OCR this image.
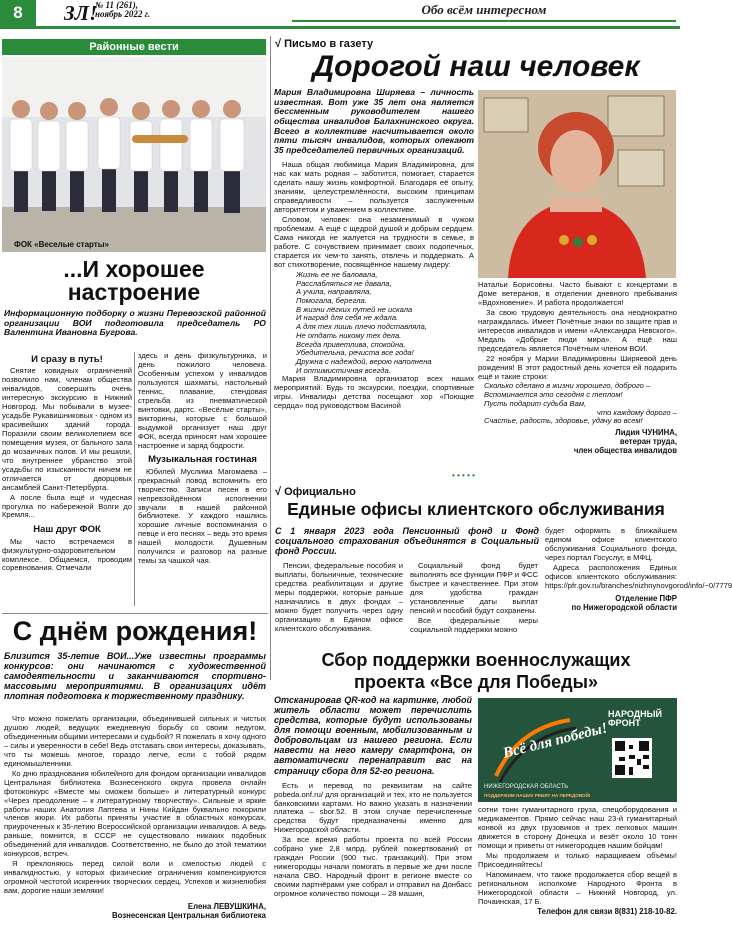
8	ЗЛ!
№ 11 (261),
ноябрь 2022 г.	Обо всём интересном
Районные вести
ФОК «Веселые старты»
...И хорошее
настроение
Информационную подборку о жизни Перевозской районной организации ВОИ подготовила председатель РО Валентина Ивановна Бугрова.
И сразу в путь!
Снятие ковидных ограничений позволило нам, членам общества инвалидов, совершить очень интересную экскурсию в Нижний Новгород. Мы побывали в музее-усадьбе Рукавишниковых - одном из красивейших зданий города. Поразили своим великолепием все помещения музея, от бального зала до мозаичных полов. И мы решили, что внутреннее убранство этой усадьбы по изысканности ничем не отличается от дворцовых ансамблей Санкт-Петербурга.
А после была ещё и чудесная прогулка по набережной Волги до Кремля...
Наш друг ФОК
Мы часто встречаемся в физкультурно-оздоровительном комплексе. Общаемся, проводим соревнования. Отмечали
здесь и день физкультурника, и день пожилого человека. Особенным успехом у инвалидов пользуются шахматы, настольный теннис, плавание, стендовая стрельба из пневматической винтовки, дартс. «Весёлые старты», викторины, которые с большой выдумкой организует наш друг ФОК, всегда приносят нам хорошее настроение и заряд бодрости.
Музыкальная гостиная
Юбилей Муслима Магомаева – прекрасный повод вспомнить его творчество. Записи песен в его непревзойдённом исполнении звучали в нашей районной библиотеке. У каждого нашлись хорошие личные воспоминания о певце и его песнях – ведь это время нашей молодости. Душевным получился и разговор на разные темы за чашкой чая.
С днём рождения!
Близится 35-летие ВОИ...Уже известны программы конкурсов: они начинаются с художественной самодеятельности и заканчиваются спортивно-массовыми мероприятиями. В организациях идёт плотная подготовка к торжественному празднику.
Что можно пожелать организации, объединившей сильных и чистых душою людей, ведущих ежедневную борьбу со своим недугом, объединенным общими интересами и судьбой? Я пожелать я хочу одного – силы и уверенности в себе! Ведь отставать свои интересы, доказывать, что ты можешь многое, гораздо легче, если с тобой рядом единомышленники.
Ко дню празднования юбилейного для фондом организации инвалидов Центральная библиотека Вознесенского округа провела онлайн фотоконкурс «Вместе мы сможем больше» и литературный конкурс «Через преодоление – к литературному творчеству». Сильные и яркие работы наших Анатолия Лаптева и Нины Кийдан буквально покорили членов жюри. Их работы приняты участие в областных конкурсах, приуроченных к 35-летию Всероссийской организации инвалидов. А ведь раньше, помнится, в СССР не существовало никаких подобных объединений для инвалидов. Соответственно, не было до этой тематики конкурсов, встреч.
Я преклоняюсь перед силой воли и смелостью людей с инвалидностью, у которых физические ограничения компенсируются огромной честотой искренних творческих сердец. Успехов и жизнелюбия вам, дорогие наши земляки!
Елена ЛЕВУШКИНА,
Вознесенская Центральная библиотека
√ Письмо в газету
Дорогой наш человек
Мария Владимировна Ширяева – личность известная. Вот уже 35 лет она является бессменным руководителем нашего общества инвалидов Балахнинского округа. Всего в коллективе насчитывается около пяти тысяч инвалидов, которых опекают 35 председателей первичных организаций.
Наша общая любимица Мария Владимировна, для нас как мать родная – заботится, помогает, старается сделать нашу жизнь комфортной. Благодаря её опыту, знаниям, целеустремлённости, высоким принципам справедливости – пользуется заслуженным авторитетом и уважением в коллективе.
Словом, человек она незаменимый в чужом проблемам. А ещё с щедрой душой и добрым сердцем. Сама никогда не жалуется на трудности в семье, в работе. С сочувствием принимает своих подопечных, старается их чем-то занять, отвлечь и поддержать. А вот стихотворение, посвящённое нашему лидеру:
Жизнь ее не баловала,
Расслабляться не давала,
А учила, направляла,
Помогала, берегла.
В жизни лёгких путей не искала
И наград для себя не ждала.
А для тех лишь плечо подставляла,
Не отдать никому тех дела.
Всегда приветлива, спокойна,
Убедительна, речиста все года!
Дружна с надеждой, верою наполнена
И оптимистичная всегда.
Мария Владимировна организатор всех наших мероприятий. Будь то экскурсии, поездки, спортивные игры. Инвалиды детства посещают хор «Поющие сердца» под руководством Васиной
Натальи Борисовны. Часто бывают с концертами в Доме ветеранов, в отделении дневного пребывания «Вдохновение». И работа продолжается!
За свою трудовую деятельность она неоднократно награждалась. Имеет Почётные знаки по защите прав и интересов инвалидов и имени «Александра Невского». Медаль «Добрые люди мира». А ещё наш председатель является Почётным членом ВОИ.
22 ноября у Марии Владимировны Ширяевой день рождения! В этот радостный день хочется ей подарить ещё и такие строки:
Сколько сделано в жизни хорошего, доброго –
Вспоминается это сегодня с теплом!
Пусть подарит судьба Вам,
что каждому дорого –
Счастье, радость, здоровье, удачу во всем!
Лидия ЧУНИНА,
ветеран труда,
член общества инвалидов
• • • • •
√ Официально
Единые офисы клиентского обслуживания
С 1 января 2023 года Пенсионный фонд и Фонд социального страхования объединятся в Социальный фонд России.
Пенсии, федеральные пособия и выплаты, больничные, технические средства реабилитации и другие меры поддержки, которые раньше назначались в двух фондах – можно будет получить через одну организацию в Едином офисе клиентского обслуживания.
Социальный фонд будет выполнять все функции ПФР и ФСС быстрее и качественнее. При этом для удобства граждан установленные даты выплат пенсий и пособий будут сохранены.
Все федеральные меры социальной поддержки можно
будет оформить в ближайшем едином офисе клиентского обслуживания Социального фонда, через портал Госуслуг, в МФЦ.
Адреса расположения Единых офисов клиентского обслуживания: https://pfr.gov.ru/branches/nizhnynovgorod/info/~0/7779
Отделение ПФР
по Нижегородской области
Сбор поддержки военнослужащих
проекта «Все для Победы»
Отсканировав QR-код на картинке, любой житель области может перечислить средства, которые будут использованы для помощи военным, мобилизованным и добровольцам из нашего региона. Если навести на него камеру смартфона, он автоматически перенаправит вас на страницу сбора для 52-го региона.
Есть и перевод по реквизитам на сайте pobeda.onf.ru/ для организаций и тех, кто не пользуется банковскими картами. Но важно указать в назначении платежа – sbor.52. В этом случае перечисленные средства будут предназначены именно для Нижегородской области.
За все время работы проекта по всей России собрано уже 2,8 млрд. рублей пожертвований от граждан России (900 тыс. транзакций). При этом нижегородцы начали помогать в первые же дни после начала СВО. Народный фронт в регионе вместе со своими партнёрами уже собрал и отправил на Донбасс огромное количество помощи – 28 машин,
Всё для победы!
НАРОДНЫЙ ФРОНТ
НИЖЕГОРОДСКАЯ ОБЛАСТЬ
ПОДДЕРЖИМ НАШИХ РЕБЯТ НА ПЕРЕДОВОЙ!
сотни тонн гуманитарного груза, спецоборудования и медикаментов. Прямо сейчас наш 23-й гуманитарный конвой из двух грузовиков и трех легковых машин движется в сторону Донецка и везёт около 10 тонн помощи и приветы от нижегородцев нашим бойцам!
Мы продолжаем и только наращиваем объёмы! Присоединяйтесь!
Напоминаем, что также продолжается сбор вещей в региональном исполкоме Народного Фронта в Нижегородской области – Нижний Новгород, ул. Почаинская, 17 Б.
Телефон для связи 8(831) 218-10-82.
